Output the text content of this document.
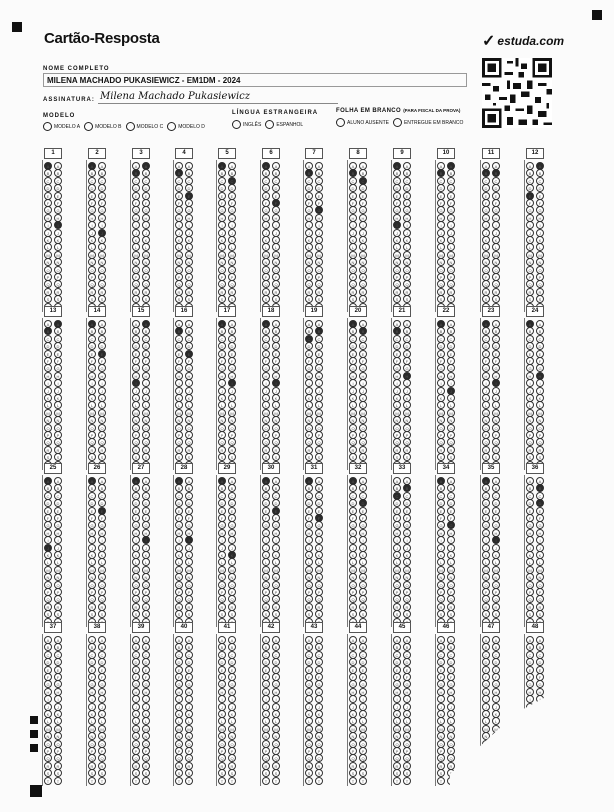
Cartão-Resposta	✓ estuda.com
NOME COMPLETO
MILENA MACHADO PUKASIEWICZ - EM1DM - 2024
ASSINATURA: Milena Machado Pukasiewicz
MODELO
MODELO A	MODELO B	MODELO C	MODELO D
LÍNGUA ESTRANGEIRA
INGLÊS	ESPANHOL
FOLHA EM BRANCO (PARA FISCAL DA PROVA)
ALUNO AUSENTE	ENTREGUE EM BRANCO
1
A	A
B	B
C	C
D	D
E	E
F	F
G	G
H	H
I	I
J	J
K	K
L	L
M	M
N	N
O	O
P	P
Q	Q
R	R
S	S
2
A	A
B	B
C	C
D	D
E	E
F	F
G	G
H	H
I	I
J	J
K	K
L	L
M	M
N	N
O	O
P	P
Q	Q
R	R
S	S
3
A	A
B	B
C	C
D	D
E	E
F	F
G	G
H	H
I	I
J	J
K	K
L	L
M	M
N	N
O	O
P	P
Q	Q
R	R
S	S
4
A	A
B	B
C	C
D	D
E	E
F	F
G	G
H	H
I	I
J	J
K	K
L	L
M	M
N	N
O	O
P	P
Q	Q
R	R
S	S
5
A	A
B	B
C	C
D	D
E	E
F	F
G	G
H	H
I	I
J	J
K	K
L	L
M	M
N	N
O	O
P	P
Q	Q
R	R
S	S
6
A	A
B	B
C	C
D	D
E	E
F	F
G	G
H	H
I	I
J	J
K	K
L	L
M	M
N	N
O	O
P	P
Q	Q
R	R
S	S
7
A	A
B	B
C	C
D	D
E	E
F	F
G	G
H	H
I	I
J	J
K	K
L	L
M	M
N	N
O	O
P	P
Q	Q
R	R
S	S
8
A	A
B	B
C	C
D	D
E	E
F	F
G	G
H	H
I	I
J	J
K	K
L	L
M	M
N	N
O	O
P	P
Q	Q
R	R
S	S
9
A	A
B	B
C	C
D	D
E	E
F	F
G	G
H	H
I	I
J	J
K	K
L	L
M	M
N	N
O	O
P	P
Q	Q
R	R
S	S
10
A	A
B	B
C	C
D	D
E	E
F	F
G	G
H	H
I	I
J	J
K	K
L	L
M	M
N	N
O	O
P	P
Q	Q
R	R
S	S
11
A	A
B	B
C	C
D	D
E	E
F	F
G	G
H	H
I	I
J	J
K	K
L	L
M	M
N	N
O	O
P	P
Q	Q
R	R
S	S
12
A	A
B	B
C	C
D	D
E	E
F	F
G	G
H	H
I	I
J	J
K	K
L	L
M	M
N	N
O	O
P	P
Q	Q
R	R
S	S
13
A	A
B	B
C	C
D	D
E	E
F	F
G	G
H	H
I	I
J	J
K	K
L	L
M	M
N	N
O	O
P	P
Q	Q
R	R
S	S
14
A	A
B	B
C	C
D	D
E	E
F	F
G	G
H	H
I	I
J	J
K	K
L	L
M	M
N	N
O	O
P	P
Q	Q
R	R
S	S
15
A	A
B	B
C	C
D	D
E	E
F	F
G	G
H	H
I	I
J	J
K	K
L	L
M	M
N	N
O	O
P	P
Q	Q
R	R
S	S
16
A	A
B	B
C	C
D	D
E	E
F	F
G	G
H	H
I	I
J	J
K	K
L	L
M	M
N	N
O	O
P	P
Q	Q
R	R
S	S
17
A	A
B	B
C	C
D	D
E	E
F	F
G	G
H	H
I	I
J	J
K	K
L	L
M	M
N	N
O	O
P	P
Q	Q
R	R
S	S
18
A	A
B	B
C	C
D	D
E	E
F	F
G	G
H	H
I	I
J	J
K	K
L	L
M	M
N	N
O	O
P	P
Q	Q
R	R
S	S
19
A	A
B	B
C	C
D	D
E	E
F	F
G	G
H	H
I	I
J	J
K	K
L	L
M	M
N	N
O	O
P	P
Q	Q
R	R
S	S
20
A	A
B	B
C	C
D	D
E	E
F	F
G	G
H	H
I	I
J	J
K	K
L	L
M	M
N	N
O	O
P	P
Q	Q
R	R
S	S
21
A	A
B	B
C	C
D	D
E	E
F	F
G	G
H	H
I	I
J	J
K	K
L	L
M	M
N	N
O	O
P	P
Q	Q
R	R
S	S
22
A	A
B	B
C	C
D	D
E	E
F	F
G	G
H	H
I	I
J	J
K	K
L	L
M	M
N	N
O	O
P	P
Q	Q
R	R
S	S
23
A	A
B	B
C	C
D	D
E	E
F	F
G	G
H	H
I	I
J	J
K	K
L	L
M	M
N	N
O	O
P	P
Q	Q
R	R
S	S
24
A	A
B	B
C	C
D	D
E	E
F	F
G	G
H	H
I	I
J	J
K	K
L	L
M	M
N	N
O	O
P	P
Q	Q
R	R
S	S
25
A	A
B	B
C	C
D	D
E	E
F	F
G	G
H	H
I	I
J	J
K	K
L	L
M	M
N	N
O	O
P	P
Q	Q
R	R
S	S
26
A	A
B	B
C	C
D	D
E	E
F	F
G	G
H	H
I	I
J	J
K	K
L	L
M	M
N	N
O	O
P	P
Q	Q
R	R
S	S
27
A	A
B	B
C	C
D	D
E	E
F	F
G	G
H	H
I	I
J	J
K	K
L	L
M	M
N	N
O	O
P	P
Q	Q
R	R
S	S
28
A	A
B	B
C	C
D	D
E	E
F	F
G	G
H	H
I	I
J	J
K	K
L	L
M	M
N	N
O	O
P	P
Q	Q
R	R
S	S
29
A	A
B	B
C	C
D	D
E	E
F	F
G	G
H	H
I	I
J	J
K	K
L	L
M	M
N	N
O	O
P	P
Q	Q
R	R
S	S
30
A	A
B	B
C	C
D	D
E	E
F	F
G	G
H	H
I	I
J	J
K	K
L	L
M	M
N	N
O	O
P	P
Q	Q
R	R
S	S
31
A	A
B	B
C	C
D	D
E	E
F	F
G	G
H	H
I	I
J	J
K	K
L	L
M	M
N	N
O	O
P	P
Q	Q
R	R
S	S
32
A	A
B	B
C	C
D	D
E	E
F	F
G	G
H	H
I	I
J	J
K	K
L	L
M	M
N	N
O	O
P	P
Q	Q
R	R
S	S
33
A	A
B	B
C	C
D	D
E	E
F	F
G	G
H	H
I	I
J	J
K	K
L	L
M	M
N	N
O	O
P	P
Q	Q
R	R
S	S
34
A	A
B	B
C	C
D	D
E	E
F	F
G	G
H	H
I	I
J	J
K	K
L	L
M	M
N	N
O	O
P	P
Q	Q
R	R
S	S
35
A	A
B	B
C	C
D	D
E	E
F	F
G	G
H	H
I	I
J	J
K	K
L	L
M	M
N	N
O	O
P	P
Q	Q
R	R
S	S
36
A	A
B	B
C	C
D	D
E	E
F	F
G	G
H	H
I	I
J	J
K	K
L	L
M	M
N	N
O	O
P	P
Q	Q
R	R
S	S
37
A	A
B	B
C	C
D	D
E	E
F	F
G	G
H	H
I	I
J	J
K	K
L	L
M	M
N	N
O	O
P	P
Q	Q
R	R
S	S
T	T
38
A	A
B	B
C	C
D	D
E	E
F	F
G	G
H	H
I	I
J	J
K	K
L	L
M	M
N	N
O	O
P	P
Q	Q
R	R
S	S
T	T
39
A	A
B	B
C	C
D	D
E	E
F	F
G	G
H	H
I	I
J	J
K	K
L	L
M	M
N	N
O	O
P	P
Q	Q
R	R
S	S
T	T
40
A	A
B	B
C	C
D	D
E	E
F	F
G	G
H	H
I	I
J	J
K	K
L	L
M	M
N	N
O	O
P	P
Q	Q
R	R
S	S
T	T
41
A	A
B	B
C	C
D	D
E	E
F	F
G	G
H	H
I	I
J	J
K	K
L	L
M	M
N	N
O	O
P	P
Q	Q
R	R
S	S
T	T
42
A	A
B	B
C	C
D	D
E	E
F	F
G	G
H	H
I	I
J	J
K	K
L	L
M	M
N	N
O	O
P	P
Q	Q
R	R
S	S
T	T
43
A	A
B	B
C	C
D	D
E	E
F	F
G	G
H	H
I	I
J	J
K	K
L	L
M	M
N	N
O	O
P	P
Q	Q
R	R
S	S
T	T
44
A	A
B	B
C	C
D	D
E	E
F	F
G	G
H	H
I	I
J	J
K	K
L	L
M	M
N	N
O	O
P	P
Q	Q
R	R
S	S
T	T
45
A	A
B	B
C	C
D	D
E	E
F	F
G	G
H	H
I	I
J	J
K	K
L	L
M	M
N	N
O	O
P	P
Q	Q
R	R
S	S
T	T
46
A	A
B	B
C	C
D	D
E	E
F	F
G	G
H	H
I	I
J	J
K	K
L	L
M	M
N	N
O	O
P	P
Q	Q
R	R
S
T
47
A	A
B	B
C	C
D	D
E	E
F	F
G	G
H	H
I	I
J	J
K	K
L	L
M	M
N
48
A	A
B	B
C	C
D	D
E	E
F	F
G	G
H	H
I	I
